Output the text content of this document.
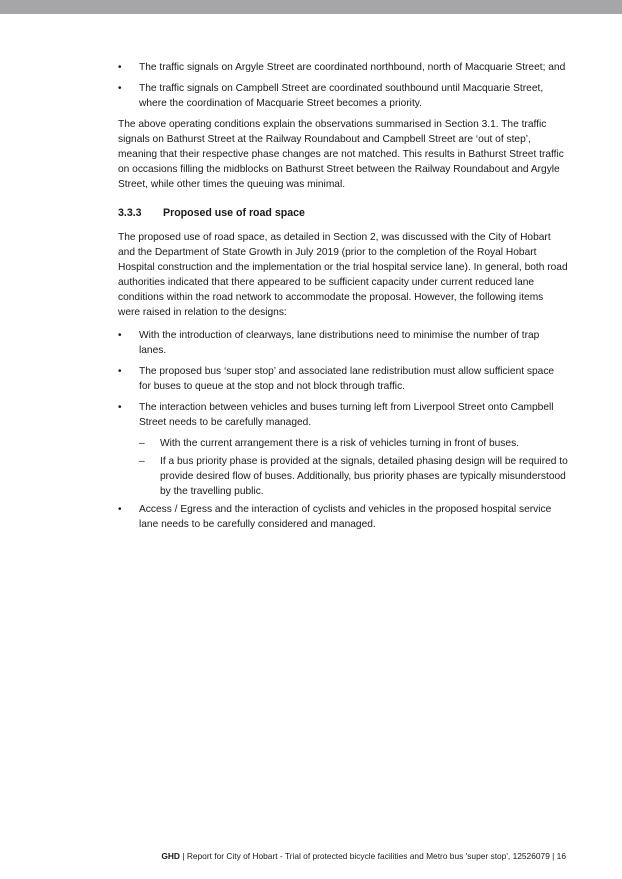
• The traffic signals on Argyle Street are coordinated northbound, north of Macquarie Street; and
• The traffic signals on Campbell Street are coordinated southbound until Macquarie Street, where the coordination of Macquarie Street becomes a priority.

The above operating conditions explain the observations summarised in Section 3.1. The traffic signals on Bathurst Street at the Railway Roundabout and Campbell Street are ‘out of step’, meaning that their respective phase changes are not matched. This results in Bathurst Street traffic on occasions filling the midblocks on Bathurst Street between the Railway Roundabout and Argyle Street, while other times the queuing was minimal.

3.3.3 Proposed use of road space

The proposed use of road space, as detailed in Section 2, was discussed with the City of Hobart and the Department of State Growth in July 2019 (prior to the completion of the Royal Hobart Hospital construction and the implementation or the trial hospital service lane). In general, both road authorities indicated that there appeared to be sufficient capacity under current reduced lane conditions within the road network to accommodate the proposal. However, the following items were raised in relation to the designs:

• With the introduction of clearways, lane distributions need to minimise the number of trap lanes.
• The proposed bus ‘super stop’ and associated lane redistribution must allow sufficient space for buses to queue at the stop and not block through traffic.
• The interaction between vehicles and buses turning left from Liverpool Street onto Campbell Street needs to be carefully managed.
– With the current arrangement there is a risk of vehicles turning in front of buses.
– If a bus priority phase is provided at the signals, detailed phasing design will be required to provide desired flow of buses. Additionally, bus priority phases are typically misunderstood by the travelling public.
• Access / Egress and the interaction of cyclists and vehicles in the proposed hospital service lane needs to be carefully considered and managed.
GHD | Report for City of Hobart - Trial of protected bicycle facilities and Metro bus 'super stop', 12526079 | 16
